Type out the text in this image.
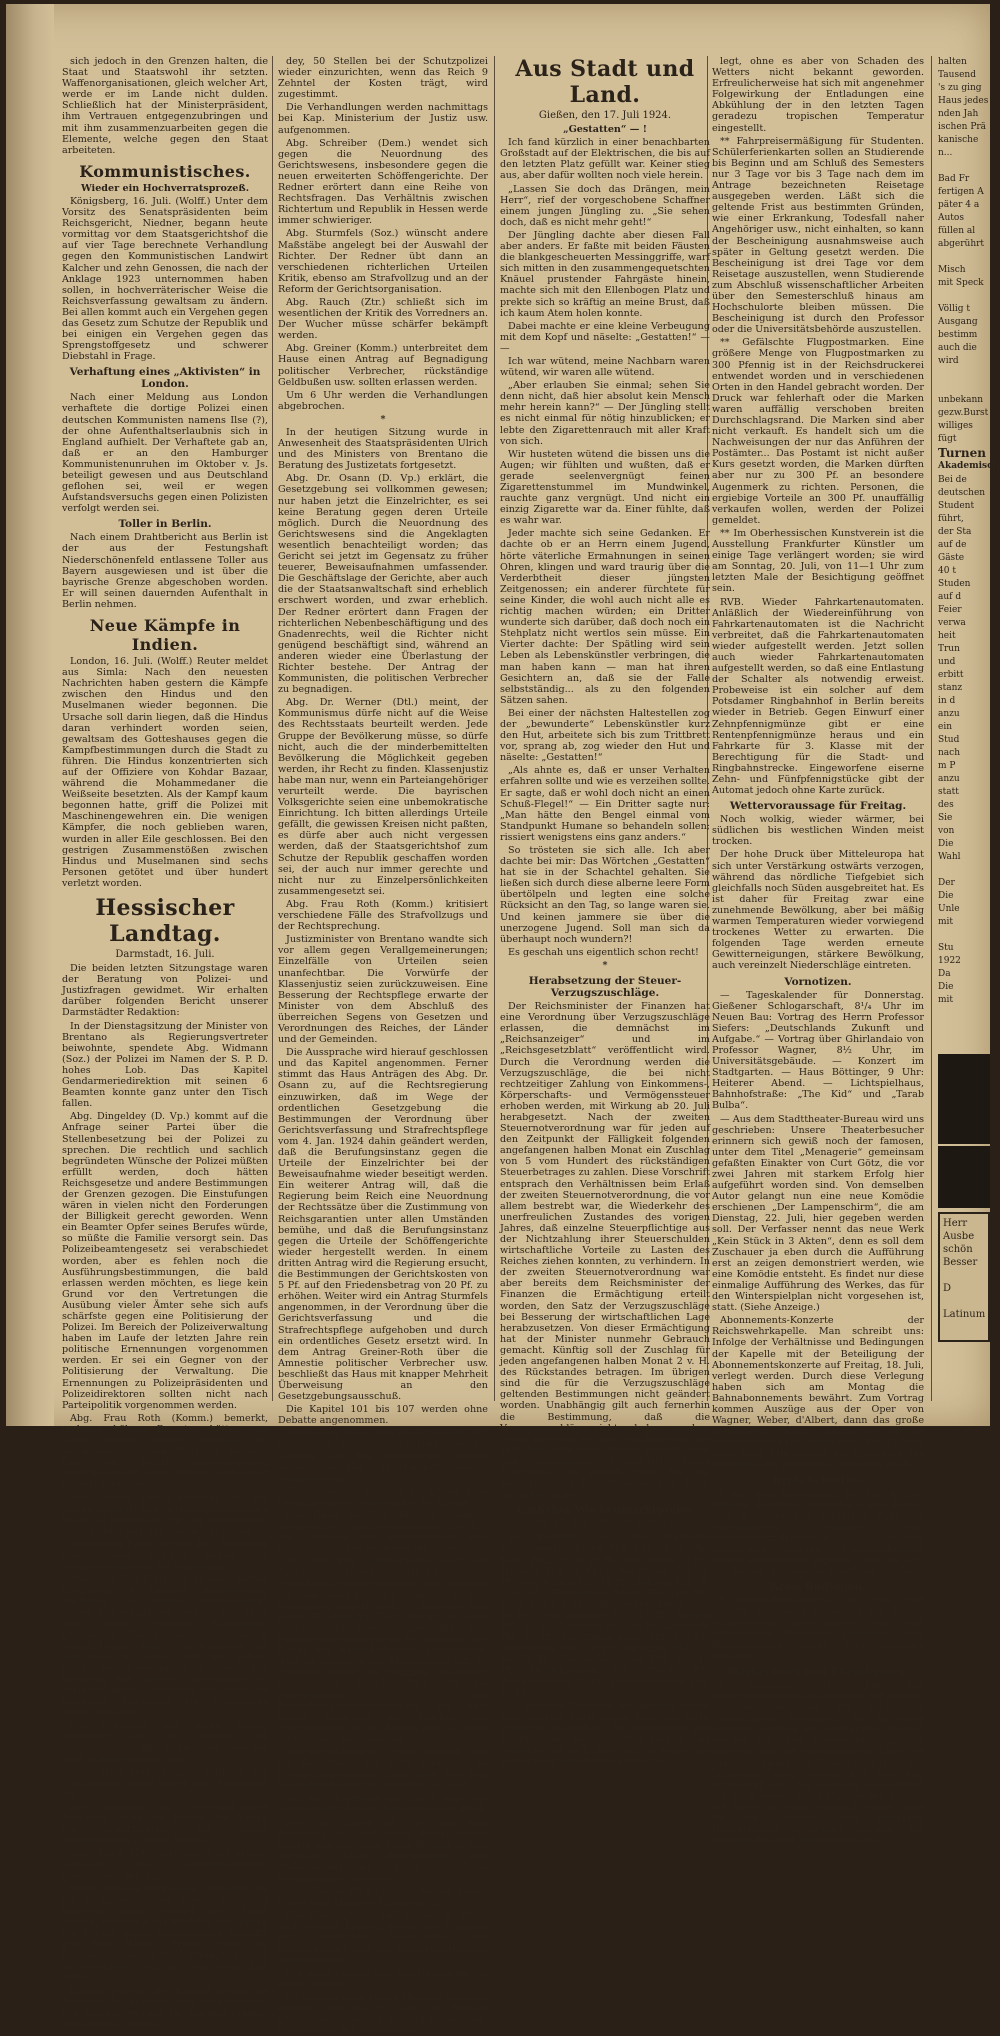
sich jedoch in den Grenzen halten, die Staat und Staatswohl ihr setzten. Waffenorganisationen, gleich welcher Art, werde er im Lande nicht dulden. Schließlich hat der Ministerpräsident, ihm Vertrauen entgegenzubringen und mit ihm zusammenzuarbeiten gegen die Elemente, welche gegen den Staat arbeiteten.

Kommunistisches.
Wieder ein Hochverratsprozeß.

Königsberg, 16. Juli. (Wolff.) Unter dem Vorsitz des Senatspräsidenten beim Reichsgericht, Niedner, begann heute vormittag vor dem Staatsgerichtshof die auf vier Tage berechnete Verhandlung gegen den Kommunistischen Landwirt Kalcher und zehn Genossen, die nach der Anklage 1923 unternommen haben sollen, in hochverräterischer Weise die Reichsverfassung gewaltsam zu ändern. Bei allen kommt auch ein Vergehen gegen das Gesetz zum Schutze der Republik und bei einigen ein Vergehen gegen das Sprengstoffgesetz und schwerer Diebstahl in Frage.

Verhaftung eines „Aktivisten“ in London.

Nach einer Meldung aus London verhaftete die dortige Polizei einen deutschen Kommunisten namens Ilse (?), der ohne Aufenthaltserlaubnis sich in England aufhielt. Der Verhaftete gab an, daß er an den Hamburger Kommunistenunruhen im Oktober v. Js. beteiligt gewesen und aus Deutschland geflohen sei, weil er wegen Aufstandsversuchs gegen einen Polizisten verfolgt werden sei.

Toller in Berlin.

Nach einem Drahtbericht aus Berlin ist der aus der Festungshaft Niederschönenfeld entlassene Toller aus Bayern ausgewiesen und ist über die bayrische Grenze abgeschoben worden. Er will seinen dauernden Aufenthalt in Berlin nehmen.

Neue Kämpfe in Indien.

London, 16. Juli. (Wolff.) Reuter meldet aus Simla: Nach den neuesten Nachrichten haben gestern die Kämpfe zwischen den Hindus und den Muselmanen wieder begonnen. Die Ursache soll darin liegen, daß die Hindus daran verhindert worden seien, gewaltsam des Gotteshauses gegen die Kampfbestimmungen durch die Stadt zu führen. Die Hindus konzentrierten sich auf der Offiziere von Kohdar Bazaar, während die Mohammedaner die Weißseite besetzten. Als der Kampf kaum begonnen hatte, griff die Polizei mit Maschinengewehren ein. Die wenigen Kämpfer, die noch geblieben waren, wurden in aller Eile geschlossen. Bei den gestrigen Zusammenstößen zwischen Hindus und Muselmanen sind sechs Personen getötet und über hundert verletzt worden.

Hessischer Landtag.
Darmstadt, 16. Juli.

Die beiden letzten Sitzungstage waren der Beratung von Polizei- und Justizfragen gewidmet. Wir erhalten darüber folgenden Bericht unserer Darmstädter Redaktion:

In der Dienstagsitzung der Minister von Brentano als Regierungsvertreter beiwohnte, spendete Abg. Widmann (Soz.) der Polizei im Namen der S. P. D. hohes Lob. Das Kapitel Gendarmeriedirektion mit seinen 6 Beamten konnte ganz unter den Tisch fallen.

Abg. Dingeldey (D. Vp.) kommt auf die Anfrage seiner Partei über die Stellenbesetzung bei der Polizei zu sprechen. Die rechtlich und sachlich begründeten Wünsche der Polizei müßten erfüllt werden, doch hätten Reichsgesetze und andere Bestimmungen der Grenzen gezogen. Die Einstufungen wären in vielen nicht den Forderungen der Billigkeit gerecht geworden. Wenn ein Beamter Opfer seines Berufes würde, so müßte die Familie versorgt sein. Das Polizeibeamtengesetz sei verabschiedet worden, aber es fehlen noch die Ausführungsbestimmungen, die bald erlassen werden möchten, es liege kein Grund vor den Vertretungen die Ausübung vieler Ämter sehe sich aufs schärfste gegen eine Politisierung der Polizei. Im Bereich der Polizeiverwaltung haben im Laufe der letzten Jahre rein politische Ernennungen vorgenommen werden. Er sei ein Gegner von der Politisierung der Verwaltung. Die Ernennungen zu Polizeipräsidenten und Polizeidirektoren sollten nicht nach Parteipolitik vorgenommen werden.

Abg. Frau Roth (Komm.) bemerkt, mehrere höhere Beamten hätten von ihrem Posten weichen müssen, um sozialdemokratischen Platz zu machen. Die von Selbst ausgegangenen Sprüchlammern seien immer noch nicht eingerichtet worden.

Abg. Reiber (Dem.) verlangt, daß die Angelegenheit des Kriminalkommissars Weber in Darmstadt, die der Mordprozeß zutage gefördert hat, klargelegt werde.

Nach einer Pause richtet Abg. Schreiber (Dem.) eine Anfrage wegen der Ausgewiesenen an die Regierung.

Staatsrat Ulrich erklärt, es seien bisher überhaupt 4 Beamte ausgewiesen, nachdem 79 wieder zurückgekehrt waren. Die Aufnahmen vom 26. Juni 1924 sind unter gleichen Umständen geschehen. Die Ausweisungen der in Mainz befindlichen 7500 Beamten, die alle unter 50 Jahren sind, sind jedoch nicht zurückgenommen worden. Die Hoffnung auf weitere Zulassungen sei vorläufig gering, vielleicht daß nach der Londoner Konferenz ein schnelleres Tempo einsetze.

Der Präsident teilt einen Antrag Dingeldey mit, 50 Stellen der Schutzpolizei, die aufgehoben worden sind, wieder einzurichten.

Abg. Frau Roth (Komm.) tritt für die Zustimmung ihrer Partei zum Polizeietat ab.

Abg. Widmann (Soz.) verteidigt unter Ausfällen gegen die Rechte des Innern die Schutzpolizei, die gegen Anfeindungen von der Polizei.

Abg. Kindt (Dtl.) hat das Wort erhält, verlassen die Sozialdemokraten geschlossen den Saal.

Nach weiterer Diskussion, während der die Sozialdemokraten wieder den Saal betreten haben, erklärt Abg. Kindt sprach, verteidigt der Minister des Innern die Polizei gegen verschiedene Angriffe aus dem Hause. Früher habe die Polizeiorganisation wohl versagt. Einfluß zu gewinnen, doch sei jetzt diese Zeit vorbei.

Darauf werden die Kapitel gegen die Stimmen der Kommunisten angenommen. Die Anträge werden für erledigt erklärt. Dem Antrag Dingel-

dey, 50 Stellen bei der Schutzpolizei wieder einzurichten, wenn das Reich 9 Zehntel der Kosten trägt, wird zugestimmt.

Die Verhandlungen werden nachmittags bei Kap. Ministerium der Justiz usw. aufgenommen.

Abg. Schreiber (Dem.) wendet sich gegen die Neuordnung des Gerichtswesens, insbesondere gegen die neuen erweiterten Schöffengerichte. Der Redner erörtert dann eine Reihe von Rechtsfragen. Das Verhältnis zwischen Richtertum und Republik in Hessen werde immer schwieriger.

Abg. Sturmfels (Soz.) wünscht andere Maßstäbe angelegt bei der Auswahl der Richter. Der Redner übt dann an verschiedenen richterlichen Urteilen Kritik, ebenso am Strafvollzug und an der Reform der Gerichtsorganisation.

Abg. Rauch (Ztr.) schließt sich im wesentlichen der Kritik des Vorredners an. Der Wucher müsse schärfer bekämpft werden.

Abg. Greiner (Komm.) unterbreitet dem Hause einen Antrag auf Begnadigung politischer Verbrecher, rückständige Geldbußen usw. sollten erlassen werden.

Um 6 Uhr werden die Verhandlungen abgebrochen.

*

In der heutigen Sitzung wurde in Anwesenheit des Staatspräsidenten Ulrich und des Ministers von Brentano die Beratung des Justizetats fortgesetzt.

Abg. Dr. Osann (D. Vp.) erklärt, die Gesetzgebung sei vollkommen gewesen; nur haben jetzt die Einzelrichter, es sei keine Beratung gegen deren Urteile möglich. Durch die Neuordnung des Gerichtswesens sind die Angeklagten wesentlich benachteiligt worden; das Gericht sei jetzt im Gegensatz zu früher teuerer, Beweisaufnahmen umfassender. Die Geschäftslage der Gerichte, aber auch die der Staatsanwaltschaft sind erheblich erschwert worden, und zwar erheblich. Der Redner erörtert dann Fragen der richterlichen Nebenbeschäftigung und des Gnadenrechts, weil die Richter nicht genügend beschäftigt sind, während an anderen wieder eine Überlastung der Richter bestehe. Der Antrag der Kommunisten, die politischen Verbrecher zu begnadigen.

Abg. Dr. Werner (Dtl.) meint, der Kommunismus dürfe nicht auf die Weise des Rechtsstaats beurteilt werden. Jede Gruppe der Bevölkerung müsse, so dürfe nicht, auch die der minderbemittelten Bevölkerung die Möglichkeit gegeben werden, ihr Recht zu finden. Klassenjustiz habe man nur, wenn ein Parteiangehöriger verurteilt werde. Die bayrischen Volksgerichte seien eine unbemokratische Einrichtung. Ich bitten allerdings Urteile gefällt, die gewissen Kreisen nicht paßten, es dürfe aber auch nicht vergessen werden, daß der Staatsgerichtshof zum Schutze der Republik geschaffen worden sei, der auch nur immer gerechte und nicht nur zu Einzelpersönlichkeiten zusammengesetzt sei.

Abg. Frau Roth (Komm.) kritisiert verschiedene Fälle des Strafvollzugs und der Rechtsprechung.

Justizminister von Brentano wandte sich vor allem gegen Verallgemeinerungen; Einzelfälle von Urteilen seien unanfechtbar. Die Vorwürfe der Klassenjustiz seien zurückzuweisen. Eine Besserung der Rechtspflege erwarte der Minister von dem Abschluß des überreichen Segens von Gesetzen und Verordnungen des Reiches, der Länder und der Gemeinden.

Die Aussprache wird hierauf geschlossen und das Kapitel angenommen. Ferner stimmt das Haus Anträgen des Abg. Dr. Osann zu, auf die Rechtsregierung einzuwirken, daß im Wege der ordentlichen Gesetzgebung die Bestimmungen der Verordnung über Gerichtsverfassung und Strafrechtspflege vom 4. Jan. 1924 dahin geändert werden, daß die Berufungsinstanz gegen die Urteile der Einzelrichter bei der Beweisaufnahme wieder beseitigt werden. Ein weiterer Antrag will, daß die Regierung beim Reich eine Neuordnung der Rechtssätze über die Zustimmung von Reichsgarantien unter allen Umständen bemühe, und daß die Berufungsinstanz gegen die Urteile der Schöffengerichte wieder hergestellt werden. In einem dritten Antrag wird die Regierung ersucht, die Bestimmungen der Gerichtskosten von 5 Pf. auf den Friedensbetrag von 20 Pf. zu erhöhen. Weiter wird ein Antrag Sturmfels angenommen, in der Verordnung über die Gerichtsverfassung und die Strafrechtspflege aufgehoben und durch ein ordentliches Gesetz ersetzt wird. In dem Antrag Greiner-Roth über die Amnestie politischer Verbrecher usw. beschließt das Haus mit knapper Mehrheit Überweisung an den Gesetzgebungsausschuß.

Die Kapitel 101 bis 107 werden ohne Debatte angenommen.

Nach einer Pause teilt der Präsident mit, daß durch den Staatshaushalt beendet werden soll. Die Beratungen werden sodann bei Kap. 38 (Kirchen) wieder aufgenommen.

Abg. Greiner (Komm.) ist gegen jede Bewilligung von Geldern für die Kirche.

Das Haus bewilligt für die staatlich anerkannten Religionsgemeinden 338 423 Mk. Anträge auf sozialistischer und kommunistischer Seite werden abgelehnt.

Zu dem Kap. Volksschulen liegt ein Antrag Dauer (Bbd.) vor, Fortbildungsschulunterricht im Sommer auf dem Lande ausfallen zu lassen, es wird namentlich abgestimmt. 17 Stimmen sind dafür, 30 dagegen. Der Antrag ist somit abgelehnt. Ein Antrag Glaser (Bbd.), den Fortbildungsschulunterricht während der Dauer der Wirtschaftsjahre auszusetzen, wird in namentlicher Abstimmung mit 38 Stimmen gegen 28 Stimmen abgelehnt. Ein Antrag Rauch (Ztr.) will die Angelegenheit des Fortbildungsschulunterrichts auf dem Lande wiederum des Reiches des Kommunisten ab der Antrag mit 35 gegen 20 Stimmen angenommen.

Ministerialdirektor Urfahr erklärt, daß die Regierung das hohe Interesse an Fortbildungsschulen, doch solle dies kein Präzedenzfall für das nächste Jahr sein.

Auf der Tagesordnung steht jetzt das Finanzgesetz für das Rechnungsjahr 1924.

Abg. Dr. Osann (D. Vp.) gibt eine Erklärung ab, daß seine Partei dieses Gesetz ablehne, weil ihren Wünschen und Anträgen über Ersparungen und Stellenbesetzungen nicht genügend Rechnung getragen sei.

Abg. Brauer (Bbd.) gibt im Namen seiner Partei eine ähnliche Erklärung ab.

Das Finanzgesetz wird sodann in erster und zweiter Lesung gegen die Stimmen der Deutschen Volkspartei, des Bauernbundes und der Deutschnationalen angenommen.

Die erste Lesung des Staatshaushalts ist damit beendet.

Es werden noch einige kleinere Vorlagen erledigt und um 1¹/₂ Uhr die Sitzung geschlossen. Nächste Sitzung Donnerstag. Fortsetzung der Beratungen.

Aus Stadt und Land.
Gießen, den 17. Juli 1924.
„Gestatten“ — !

Ich fand kürzlich in einer benachbarten Großstadt auf der Elektrischen, die bis auf den letzten Platz gefüllt war. Keiner stieg aus, aber dafür wollten noch viele herein.

„Lassen Sie doch das Drängen, mein Herr“, rief der vorgeschobene Schaffner einem jungen Jüngling zu. „Sie sehen doch, daß es nicht mehr geht!“

Der Jüngling dachte aber diesen Fall aber anders. Er faßte mit beiden Fäusten die blankgescheuerten Messinggriffe, warf sich mitten in den zusammengequetschten Knäuel prustender Fahrgäste hinein, machte sich mit den Ellenbogen Platz und prekte sich so kräftig an meine Brust, daß ich kaum Atem holen konnte.

Dabei machte er eine kleine Verbeugung mit dem Kopf und näselte: „Gestatten!“ — —

Ich war wütend, meine Nachbarn waren wütend, wir waren alle wütend.

„Aber erlauben Sie einmal; sehen Sie denn nicht, daß hier absolut kein Mensch mehr herein kann?“ — Der Jüngling stellt es nicht einmal für nötig hinzublicken; er lebte den Zigarettenrauch mit aller Kraft von sich.

Wir husteten wütend die bissen uns die Augen; wir fühlten und wußten, daß er gerade seelenvergnügt feinen Zigarettenstummel im Mundwinkel, rauchte ganz vergnügt. Und nicht ein einzig Zigarette war da. Einer fühlte, daß es wahr war.

Jeder machte sich seine Gedanken. Er dachte ob er an Herrn einem Jugend, hörte väterliche Ermahnungen in seinen Ohren, klingen und ward traurig über die Verderbtheit dieser jüngsten Zeitgenossen; ein anderer fürchtete für seine Kinder, die wohl auch nicht alle es richtig machen würden; ein Dritter wunderte sich darüber, daß doch noch ein Stehplatz nicht wertlos sein müsse. Ein Vierter dachte: Der Spätling wird sein Leben als Lebenskünstler verbringen, die man haben kann — man hat ihren Gesichtern an, daß sie der Falle selbstständig... als zu den folgenden Sätzen sahen.

Bei einer der nächsten Haltestellen zog der „bewunderte“ Lebenskünstler kurz den Hut, arbeitete sich bis zum Trittbrett vor, sprang ab, zog wieder den Hut und näselte: „Gestatten!“

„Als ahnte es, daß er unser Verhalten erfahren sollte und wie es verzeihen sollte. Er sagte, daß er wohl doch nicht an einen Schuß-Flegel!“ — Ein Dritter sagte nur: „Man hätte den Bengel einmal vom Standpunkt Humane so behandeln sollen; rissiert wenigstens eins ganz anders.“

So trösteten sie sich alle. Ich aber dachte bei mir: Das Wörtchen „Gestatten“ hat sie in der Schachtel gehalten. Sie ließen sich durch diese alberne leere Form übertölpeln und legten eine solche Rücksicht an den Tag, so lange waren sie. Und keinen jammere sie über die unerzogene Jugend. Soll man sich da überhaupt noch wundern?!

Es geschah uns eigentlich schon recht!

*
Herabsetzung der Steuer-Verzugszuschläge.

Der Reichsminister der Finanzen hat eine Verordnung über Verzugszuschläge erlassen, die demnächst im „Reichsanzeiger“ und im „Reichsgesetzblatt“ veröffentlicht wird. Durch die Verordnung werden die Verzugszuschläge, die bei nicht rechtzeitiger Zahlung von Einkommens-, Körperschafts- und Vermögenssteuer erhoben werden, mit Wirkung ab 20. Juli herabgesetzt. Nach der zweiten Steuernotverordnung war für jeden auf den Zeitpunkt der Fälligkeit folgenden angefangenen halben Monat ein Zuschlag von 5 vom Hundert des rückständigen Steuerbetrages zu zahlen. Diese Vorschrift entsprach den Verhältnissen beim Erlaß der zweiten Steuernotverordnung, die vor allem bestrebt war, die Wiederkehr des unerfreulichen Zustandes des vorigen Jahres, daß einzelne Steuerpflichtige aus der Nichtzahlung ihrer Steuerschulden wirtschaftliche Vorteile zu Lasten des Reiches ziehen konnten, zu verhindern. In der zweiten Steuernotverordnung war aber bereits dem Reichsminister der Finanzen die Ermächtigung erteilt worden, den Satz der Verzugszuschläge bei Besserung der wirtschaftlichen Lage herabzusetzen. Von dieser Ermächtigung hat der Minister nunmehr Gebrauch gemacht. Künftig soll der Zuschlag für jeden angefangenen halben Monat 2 v. H. des Rückstandes betragen. Im übrigen sind die für die Verzugszuschläge geltenden Bestimmungen nicht geändert worden. Unabhängig gilt auch fernerhin die Bestimmung, daß die Verzugszuschläge nicht erhoben werden, wenn innerhalb der auf den Zeitpunkt der Fälligkeit folgenden Woche gezahlt wird (die sogenannte Schonfrist). Diese Schonfrist gilt jedoch nicht für die Abführung der Lohnsteuerbeträge durch die Arbeitgeber.

Gießener Wochenmarktpreise
am 17. Juli (Händlerpreise).

Es kosteten auf dem heutigen Wochenmarkt: Butter Pfd. 1.80—1.90 Mk., Käse, Pfd. 50 bis 60 Pf., Eier Stück 13 Pf., Wirsing, Pfd. 30 Pf., gelbe Rüben Pfd. 20 Pf., rote Rüben Pfd. 15 Pf., Bohnen Pfd. 30—40 Pf., Blumenkohl Stück 30—100 Pf., Salat Stück 5 Pf., Salatgurken Stück 50—80 Pf., Ober-Kohlrabi Pfd. 15 Pf., Erbsen Pfd. 20 Pf., Tomaten Pfd. 80 Pf., Zwiebeln Pfd. 20 Pf., Kartoffeln, neue, Pfd. 7¹/₂ Pf., Himbeeren Pfd. 70 Pf., Kirschen Pfd. 35 bis 55 Pf., Einmachkirschen Pfd. 40—45 Pf., Heidelbeeren Pfd. 35—40 Pf., Stachelbeeren 30 Pf., Johannisbeeren Pfd. 35 Pf.

** Mehrere Gewitter, die gestern abend über unserer Stadt zogen, brachten recht ergiebige Regenfälle, die namentlich den Hackfrüchten sehr zustatten kamen. Das Getreide hat sich hier und da unter der Einwirkung des Regens etwas ge-

legt, ohne es aber von Schaden des Wetters nicht bekannt geworden. Erfreulicherweise hat sich mit angenehmer Folgewirkung der Entladungen eine Abkühlung der in den letzten Tagen geradezu tropischen Temperatur eingestellt.

** Fahrpreisermäßigung für Studenten. Schülerferienkarten sollen an Studierende bis Beginn und am Schluß des Semesters nur 3 Tage vor bis 3 Tage nach dem im Antrage bezeichneten Reisetage ausgegeben werden. Läßt sich die geltende Frist aus bestimmten Gründen, wie einer Erkrankung, Todesfall naher Angehöriger usw., nicht einhalten, so kann der Bescheinigung ausnahmsweise auch später in Geltung gesetzt werden. Die Bescheinigung ist drei Tage vor dem Reisetage auszustellen, wenn Studierende zum Abschluß wissenschaftlicher Arbeiten über den Semesterschluß hinaus am Hochschulorte bleiben müssen. Die Bescheinigung ist durch den Professor oder die Universitätsbehörde auszustellen.

** Gefälschte Flugpostmarken. Eine größere Menge von Flugpostmarken zu 300 Pfennig ist in der Reichsdruckerei entwendet worden und in verschiedenen Orten in den Handel gebracht worden. Der Druck war fehlerhaft oder die Marken waren auffällig verschoben breiten Durchschlagsrand. Die Marken sind aber nicht verkauft. Es handelt sich um die Nachweisungen der nur das Anführen der Postämter... Das Postamt ist nicht außer Kurs gesetzt worden, die Marken dürften aber nur zu 300 Pf. an besondere Augenmerk zu richten. Personen, die ergiebige Vorteile an 300 Pf. unauffällig verkaufen wollen, werden der Polizei gemeldet.

** Im Oberhessischen Kunstverein ist die Ausstellung Frankfurter Künstler um einige Tage verlängert worden; sie wird am Sonntag, 20. Juli, von 11—1 Uhr zum letzten Male der Besichtigung geöffnet sein.

RVB. Wieder Fahrkartenautomaten. Anläßlich der Wiedereinführung von Fahrkartenautomaten ist die Nachricht verbreitet, daß die Fahrkartenautomaten wieder aufgestellt werden. Jetzt sollen auch wieder Fahrkartenautomaten aufgestellt werden, so daß eine Entlastung der Schalter als notwendig erweist. Probeweise ist ein solcher auf dem Potsdamer Ringbahnhof in Berlin bereits wieder in Betrieb. Gegen Einwurf einer Zehnpfennigmünze gibt er eine Rentenpfennigmünze heraus und ein Fahrkarte für 3. Klasse mit der Berechtigung für die Stadt- und Ringbahnstrecke. Eingeworfene eiserne Zehn- und Fünfpfennigstücke gibt der Automat jedoch ohne Karte zurück.

Wettervoraussage für Freitag.

Noch wolkig, wieder wärmer, bei südlichen bis westlichen Winden meist trocken.

Der hohe Druck über Mitteleuropa hat sich unter Verstärkung ostwärts verzogen, während das nördliche Tiefgebiet sich gleichfalls noch Süden ausgebreitet hat. Es ist daher für Freitag zwar eine zunehmende Bewölkung, aber bei mäßig warmen Temperaturen wieder vorwiegend trockenes Wetter zu erwarten. Die folgenden Tage werden erneute Gewitterneigungen, stärkere Bewölkung, auch vereinzelt Niederschläge eintreten.

Vornotizen.

— Tageskalender für Donnerstag. Gießener Schlogarschaft, 8¹/₄ Uhr im Neuen Bau: Vortrag des Herrn Professor Siefers: „Deutschlands Zukunft und Aufgabe.“ — Vortrag über Ghirlandaio von Professor Wagner, 8½ Uhr, im Universitätsgebäude. — Konzert im Stadtgarten. — Haus Böttinger, 9 Uhr: Heiterer Abend. — Lichtspielhaus, Bahnhofstraße: „The Kid“ und „Tarab Bulba“.

— Aus dem Stadttheater-Bureau wird uns geschrieben: Unsere Theaterbesucher erinnern sich gewiß noch der famosen, unter dem Titel „Menagerie“ gemeinsam gefaßten Einakter von Curt Götz, die vor zwei Jahren mit starkem Erfolg hier aufgeführt worden sind. Von demselben Autor gelangt nun eine neue Komödie erschienen „Der Lampenschirm“, die am Dienstag, 22. Juli, hier gegeben werden soll. Der Verfasser nennt das neue Werk „Kein Stück in 3 Akten“, denn es soll dem Zuschauer ja eben durch die Aufführung erst an zeigen demonstriert werden, wie eine Komödie entsteht. Es findet nur diese einmalige Aufführung des Werkes, das für den Winterspielplan nicht vorgesehen ist, statt. (Siehe Anzeige.)

Abonnements-Konzerte der Reichswehrkapelle. Man schreibt uns: Infolge der Verhältnisse und Bedingungen der Kapelle mit der Beteiligung der Abonnementskonzerte auf Freitag, 18. Juli, verlegt werden. Durch diese Verlegung haben sich am Montag die Bahnabonnements bewährt. Zum Vortrag kommen Auszüge aus der Oper von Wagner, Weber, d'Albert, dann das große Schlachtenpotpourri „Erinnerung an die ruhmreichen Kriegsjahre von 1870/71“ von Saro unter Mitwirkung der Spielleute des Bataillons zur Aufführung kommen wird.

Kreis Schotten.

* Aus dem Vogelsberg, 16. Juli. In den Kreisen Schotten, Lauterbach und Alsfeld sind in letzter Zeit wiederholt Fälle von leichenhaften Geflügel- und Rindermarktrückseitige Seuchen beobachtet worden. Untersuchungen haben einwandfrei ergeben, daß es sich um die sog. Bornaische Krankheit handelt.

Kreis Büdingen.

* Gründ-Schwalheim, 16. Juli. Seit kurzem ist unsere Gemeinde von Unter-Widdersheim losgegliedert und eine selbständige Gemeinde geworden. Zum Bürgermeister wurde Otto Spengler gewählt.

Starkenburg und Rheinhessen.

* Darmstadt, 16. Juli. Die Stadtverordnetenversammlung hat gestern mit der Beratung des städtischen Voranschlags begonnen, die in einer weiteren Sitzung am Donnerstag erledigt werden soll. Der Gemeindehaushalt im übrigen, daß die wirtschaftliche Lage der Stadt ungeklärt, die Zinsen sind rund 1¹/₂ Millionen Mark, wovon 410 000 Mk. ungedeckt sind. Zur Deckung beabsichtigt die Stadt wegen einer Umlage der Zinsen, die Mittel bisweilen sollen in erster Linie für die Erbauung von mehreren Häuserblocks verwendet werden, die mehrere hundert Wohnungen ent-

halten Tausend
's zu ging
Haus jedes
nden Jah
ischen Prä
kanische
n...

Bad Fr
fertigen A
päter 4 a
Autos
füllen al
abgerührt

Misch
mit Speck

Völlig t
Ausgang
bestimm
auch die
wird

unbekann
gezw.Burst
williges
fügt
Turnen
Akademisch
Bei de
deutschen
Student
führt,
der Sta
auf de
Gäste
40 t
Studen
auf d
Feier
verwa
heit
Trun
und
erbitt
stanz
in d
anzu
ein
Stud
nach
m P
anzu
statt
des
Sie
von
Die
Wahl

Der
Die
Unle
mit

Stu
1922
Da
Die
mit
Herr
Ausbe
schön
Besser

D

Latinum
